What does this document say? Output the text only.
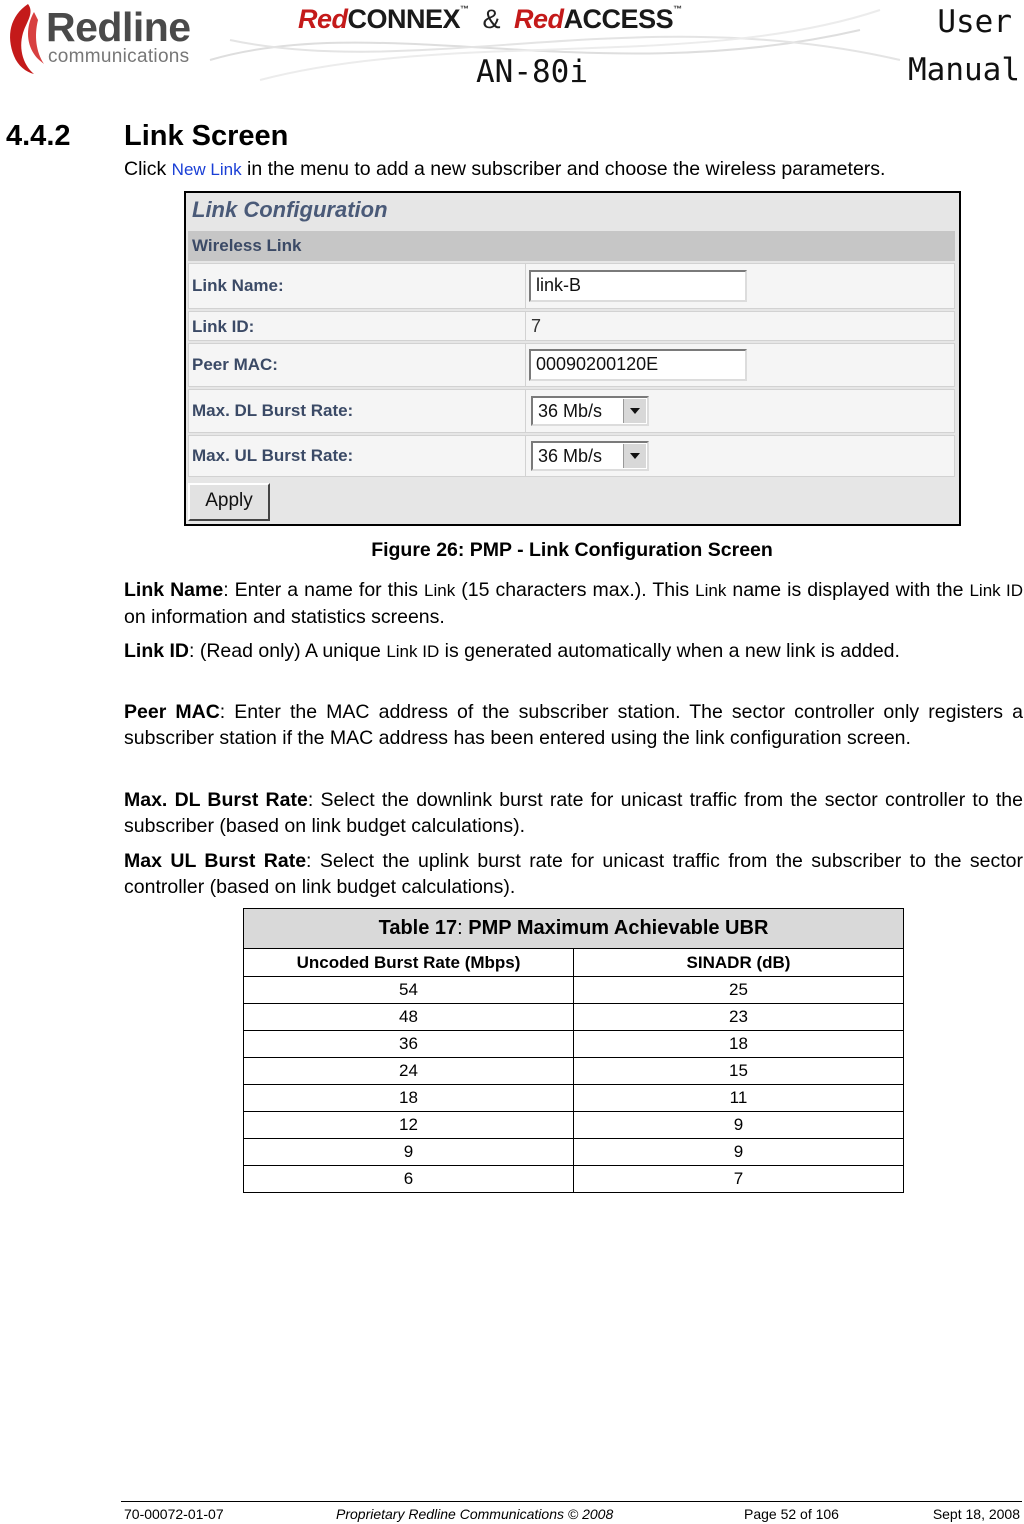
Redline
communications
RedCONNEX™ & RedACCESS™
AN-80i
User
Manual
4.4.2 Link Screen
Click New Link in the menu to add a new subscriber and choose the wireless parameters.
Link Configuration
Wireless Link
Link Name:	link-B
Link ID:	7
Peer MAC:	00090200120E
Max. DL Burst Rate:	36 Mb/s
Max. UL Burst Rate:	36 Mb/s
Apply
Figure 26: PMP - Link Configuration Screen
Link Name: Enter a name for this Link (15 characters max.). This Link name is displayed with the Link ID on information and statistics screens.
Link ID: (Read only) A unique Link ID is generated automatically when a new link is added.
Peer MAC: Enter the MAC address of the subscriber station. The sector controller only registers a subscriber station if the MAC address has been entered using the link configuration screen.
Max. DL Burst Rate: Select the downlink burst rate for unicast traffic from the sector controller to the subscriber (based on link budget calculations).
Max UL Burst Rate: Select the uplink burst rate for unicast traffic from the subscriber to the sector controller (based on link budget calculations).
Table 17: PMP Maximum Achievable UBR	
Uncoded Burst Rate (Mbps)	SINADR (dB)
54	25
48	23
36	18
24	15
18	11
12	9
9	9
6	7
70-00072-01-07	Proprietary Redline Communications © 2008	Page 52 of 106	Sept 18, 2008
